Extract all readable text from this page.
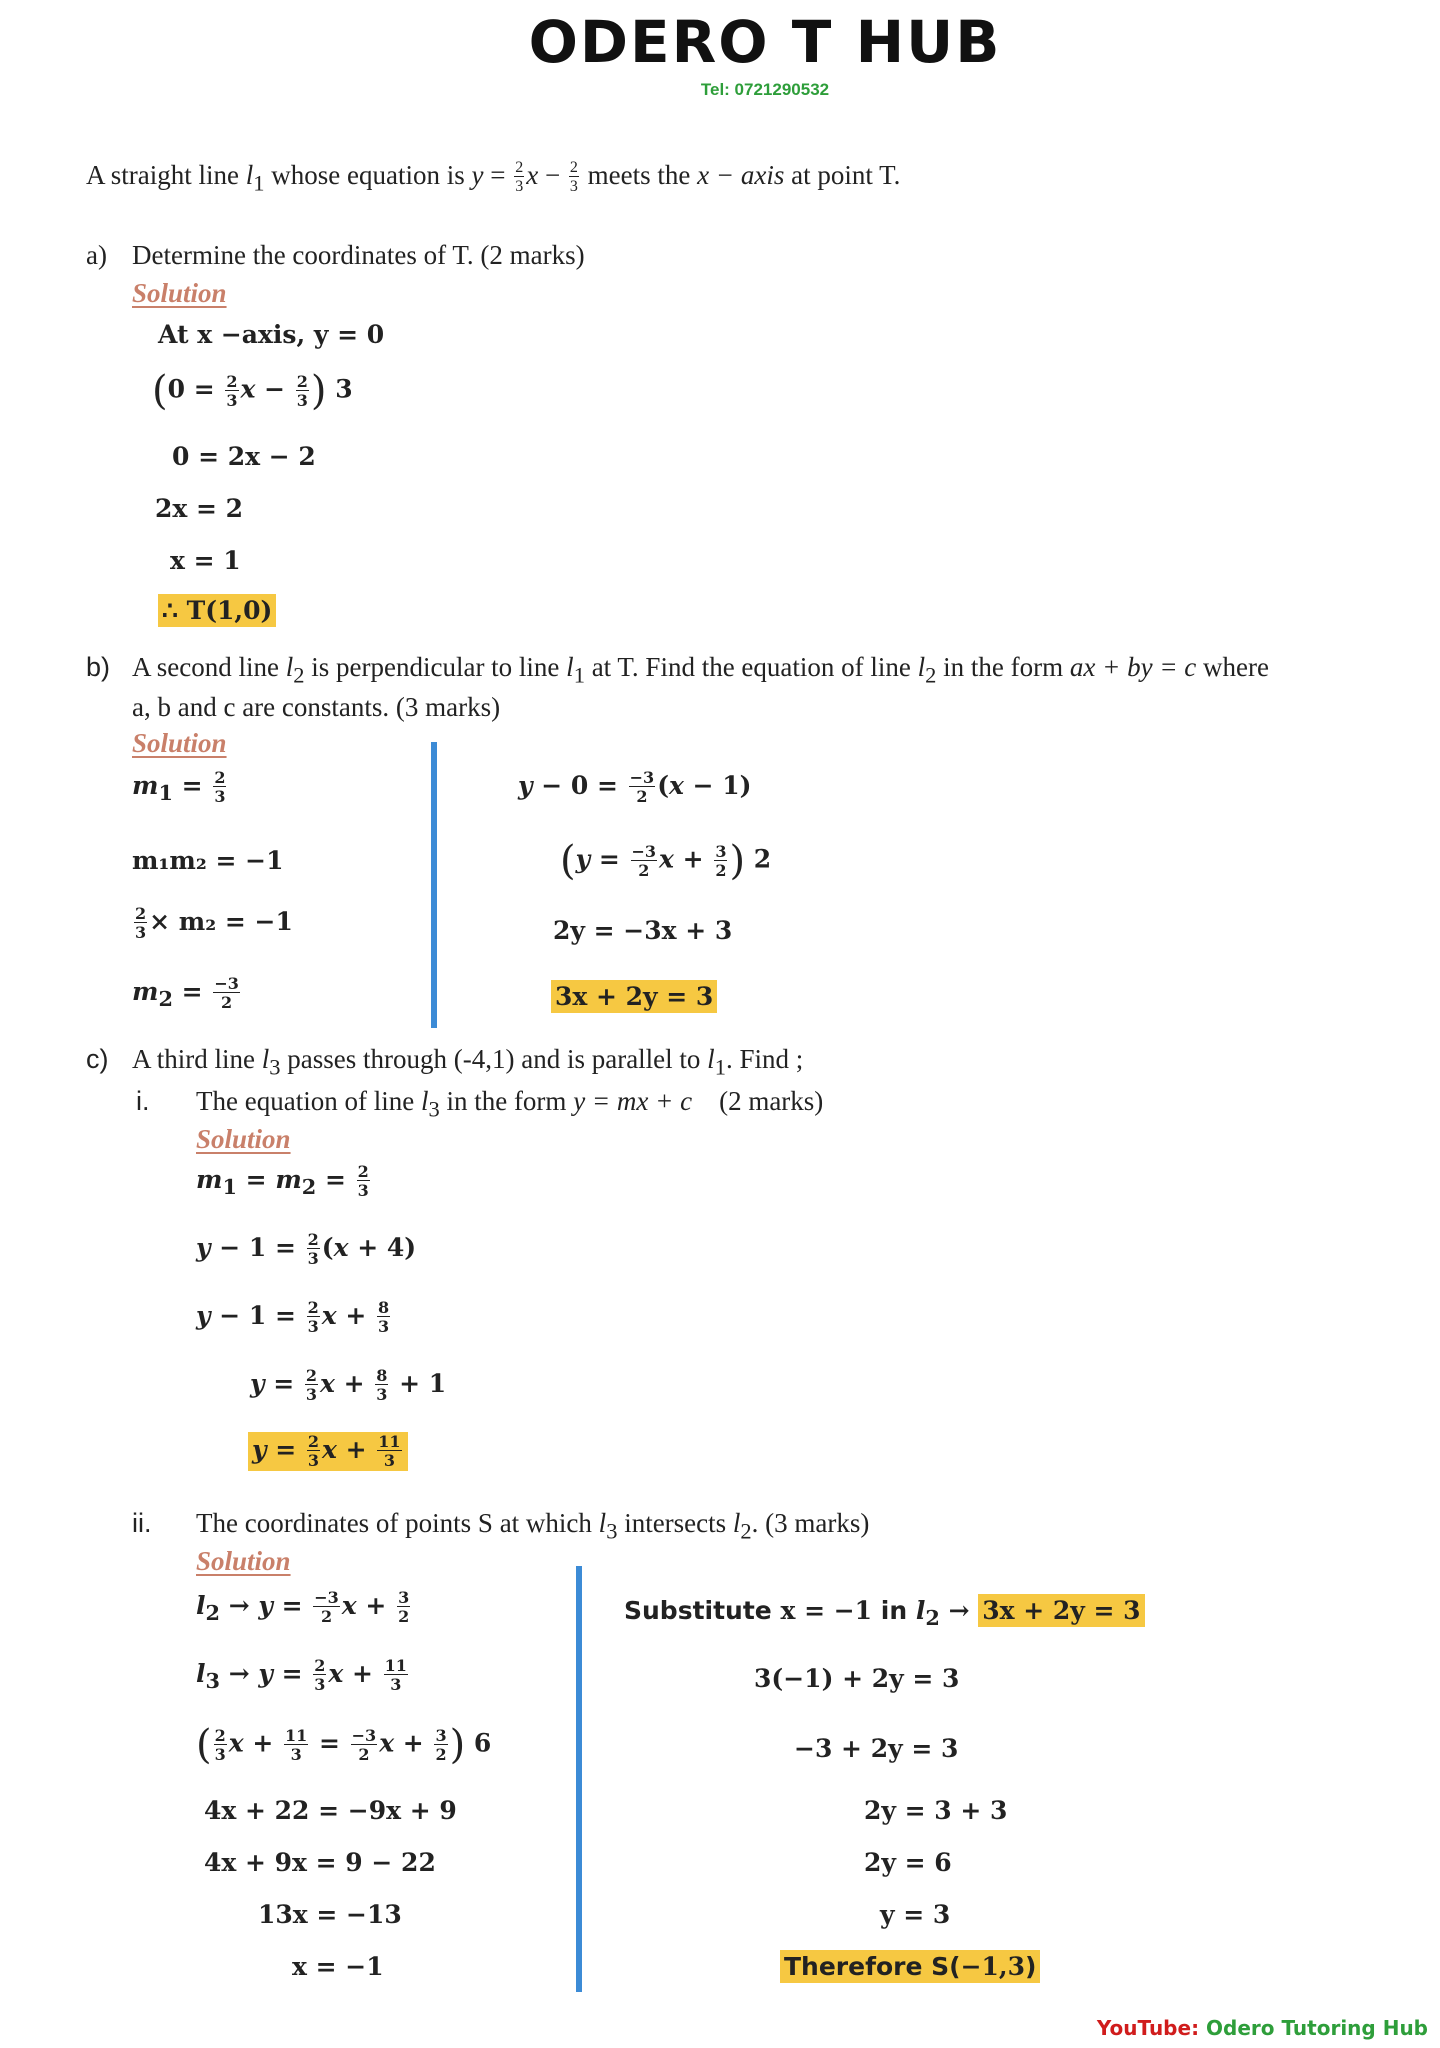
ODERO T HUB
Tel: 0721290532
A straight line $l_1$ whose equation is $y = \frac{2}{3}$ $x - \frac{2}{3}$ meets the x − axis at point T.
a) Determine the coordinates of T. (2 marks)
Solution
At x −axis, y = 0
($0 = \frac{2}{3}$ $x - \frac{2}{3}$ ) 3
0 = 2x − 2
2x = 2
x = 1
∴ T(1,0)
b) A second line $l_2$ is perpendicular to line $l_1$ at T. Find the equation of line $l_2$ in the form ax + by = c where
a, b and c are constants. (3 marks)
Solution
$m_1 = \frac{2}{3}$
m₁m₂ = −1
$\frac{2}{3} \times m_2 = -1$
$m_2 = \frac{-3}{2}$
$y - 0 = \frac{-3}{2} (x - 1)$
($y = \frac{-3}{2}$ $x + \frac{3}{2}$ ) 2
2y = −3x + 3
3x + 2y = 3
c) A third line $l_3$ passes through (-4,1) and is parallel to $l_1$. Find ;
i. The equation of line $l_3$ in the form y = mx + c (2 marks)
Solution
$m_1 = m_2 = \frac{2}{3}$
$y - 1 = \frac{2}{3} (x + 4)$
$y - 1 = \frac{2}{3}$ $x + \frac{8}{3}$
$y = \frac{2}{3}$ $x + \frac{8}{3} + 1$
$y = \frac{2}{3}$ $x + \frac{11}{3}$
ii. The coordinates of points S at which $l_3$ intersects $l_2$. (3 marks)
Solution
$l_2 \to y = \frac{-3}{2}$ $x + \frac{3}{2}$
$l_3 \to y = \frac{2}{3}$ $x + \frac{11}{3}$
( $\frac{2}{3}$ $x + \frac{11}{3} = \frac{-3}{2}$ $x + \frac{3}{2}$ ) 6
4x + 22 = −9x + 9
4x + 9x = 9 − 22
13x = −13
x = −1
Substitute x = −1 in $l_2 \to 3x + 2y = 3$
3(−1) + 2y = 3
−3 + 2y = 3
2y = 3 + 3
2y = 6
y = 3
Therefore S(−1,3)
YouTube: Odero Tutoring Hub
